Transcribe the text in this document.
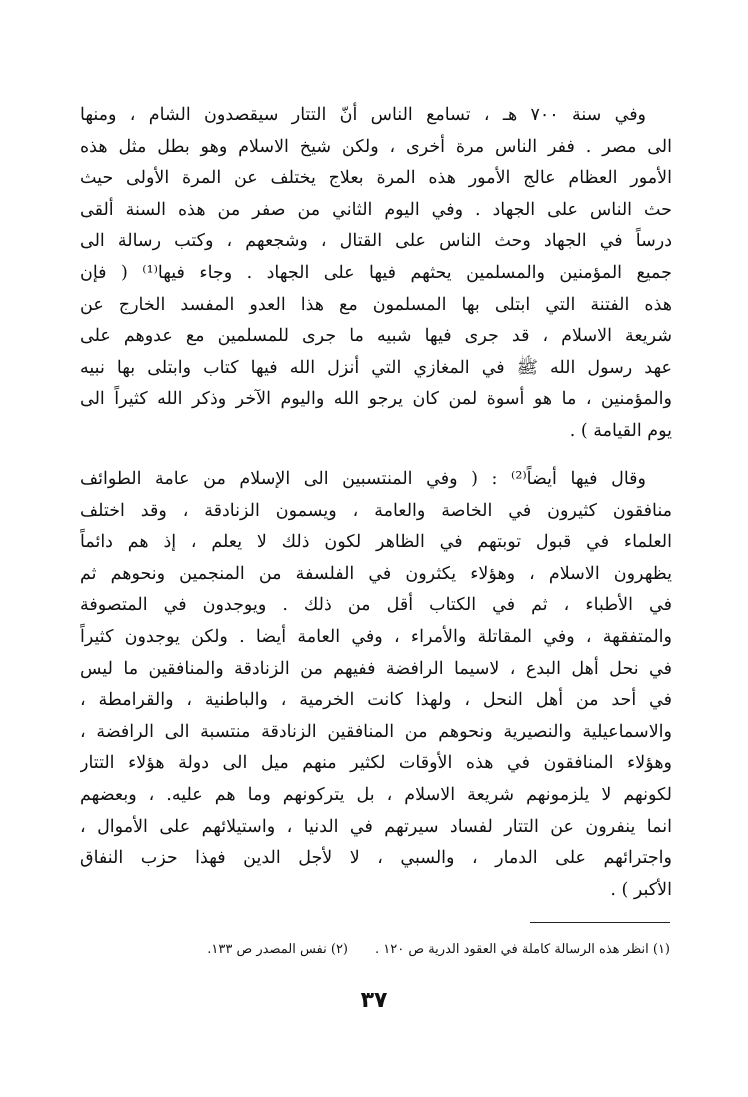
وفي سنة ٧٠٠ هـ ، تسامع الناس أنّ التتار سيقصدون الشام ، ومنها
الى مصر . ففر الناس مرة أخرى ، ولكن شيخ الاسلام وهو بطل مثل هذه
الأمور العظام عالج الأمور هذه المرة بعلاج يختلف عن المرة الأولى حيث
حث الناس على الجهاد . وفي اليوم الثاني من صفر من هذه السنة ألقى
درساً في الجهاد وحث الناس على القتال ، وشجعهم ، وكتب رسالة الى
جميع المؤمنين والمسلمين يحثهم فيها على الجهاد . وجاء فيها⁽¹⁾ ( فإن
هذه الفتنة التي ابتلى بها المسلمون مع هذا العدو المفسد الخارج عن
شريعة الاسلام ، قد جرى فيها شبيه ما جرى للمسلمين مع عدوهم على
عهد رسول الله ﷺ في المغازي التي أنزل الله فيها كتاب وابتلى بها نبيه
والمؤمنين ، ما هو أسوة لمن كان يرجو الله واليوم الآخر وذكر الله كثيراً الى
يوم القيامة ) .
وقال فيها أيضاً⁽²⁾ : ( وفي المنتسبين الى الإسلام من عامة الطوائف
منافقون كثيرون في الخاصة والعامة ، ويسمون الزنادقة ، وقد اختلف
العلماء في قبول توبتهم في الظاهر لكون ذلك لا يعلم ، إذ هم دائماً
يظهرون الاسلام ، وهؤلاء يكثرون في الفلسفة من المنجمين ونحوهم ثم
في الأطباء ، ثم في الكتاب أقل من ذلك . ويوجدون في المتصوفة
والمتفقهة ، وفي المقاتلة والأمراء ، وفي العامة أيضا . ولكن يوجدون كثيراً
في نحل أهل البدع ، لاسيما الرافضة ففيهم من الزنادقة والمنافقين ما ليس
في أحد من أهل النحل ، ولهذا كانت الخرمية ، والباطنية ، والقرامطة ،
والاسماعيلية والنصيرية ونحوهم من المنافقين الزنادقة منتسبة الى الرافضة ،
وهؤلاء المنافقون في هذه الأوقات لكثير منهم ميل الى دولة هؤلاء التتار
لكونهم لا يلزمونهم شريعة الاسلام ، بل يتركونهم وما هم عليه. ، وبعضهم
انما ينفرون عن التتار لفساد سيرتهم في الدنيا ، واستيلائهم على الأموال ،
واجترائهم على الدمار ، والسبي ، لا لأجل الدين فهذا حزب النفاق
الأكبر ) .
(١) انظر هذه الرسالة كاملة في العقود الدرية ص ١٢٠ .
(٢) نفس المصدر ص ١٣٣.
٣٧
